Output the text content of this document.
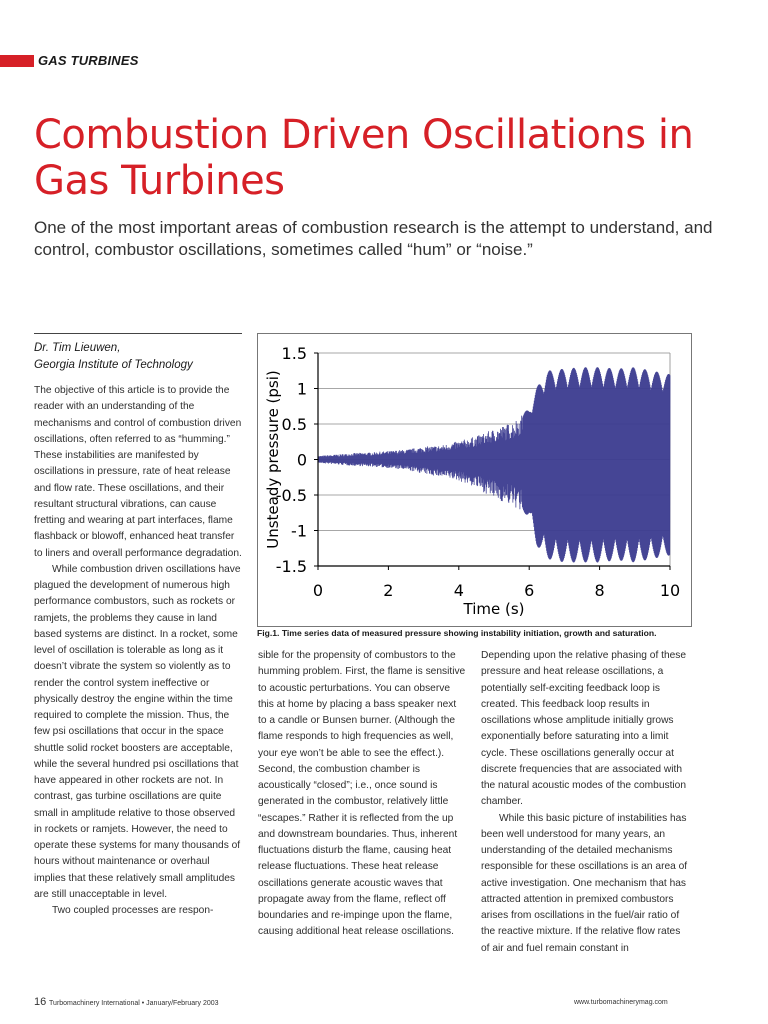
GAS TURBINES
Combustion Driven Oscillations in Gas Turbines
One of the most important areas of combustion research is the attempt to understand, and control, combustor oscillations, sometimes called “hum” or “noise.”
Dr. Tim Lieuwen,
Georgia Institute of Technology

The objective of this article is to provide the reader with an understanding of the mechanisms and control of combustion driven oscillations, often referred to as “humming.” These instabilities are manifested by oscillations in pressure, rate of heat release and flow rate. These oscillations, and their resultant structural vibrations, can cause fretting and wearing at part interfaces, flame flashback or blowoff, enhanced heat transfer to liners and overall performance degradation.

While combustion driven oscillations have plagued the development of numerous high performance combustors, such as rockets or ramjets, the problems they cause in land based systems are distinct. In a rocket, some level of oscillation is tolerable as long as it doesn’t vibrate the system so violently as to render the control system ineffective or physically destroy the engine within the time required to complete the mission. Thus, the few psi oscillations that occur in the space shuttle solid rocket boosters are acceptable, while the several hundred psi oscillations that have appeared in other rockets are not. In contrast, gas turbine oscillations are quite small in amplitude relative to those observed in rockets or ramjets. However, the need to operate these systems for many thousands of hours without maintenance or overhaul implies that these relatively small amplitudes are still unacceptable in level.

Two coupled processes are respon-

1.5
1
0.5
0
-0.5
-1
-1.5
0	2	4	6	8	10
Time (s)
Unsteady pressure (psi)
Fig.1. Time series data of measured pressure showing instability initiation, growth and saturation.

sible for the propensity of combustors to the humming problem. First, the flame is sensitive to acoustic perturbations. You can observe this at home by placing a bass speaker next to a candle or Bunsen burner. (Although the flame responds to high frequencies as well, your eye won’t be able to see the effect.). Second, the combustion chamber is acoustically “closed”; i.e., once sound is generated in the combustor, relatively little “escapes.” Rather it is reflected from the up and downstream boundaries. Thus, inherent fluctuations disturb the flame, causing heat release fluctuations. These heat release oscillations generate acoustic waves that propagate away from the flame, reflect off boundaries and re-impinge upon the flame, causing additional heat release oscillations.

Depending upon the relative phasing of these pressure and heat release oscillations, a potentially self-exciting feedback loop is created. This feedback loop results in oscillations whose amplitude initially grows exponentially before saturating into a limit cycle. These oscillations generally occur at discrete frequencies that are associated with the natural acoustic modes of the combustion chamber.

While this basic picture of instabilities has been well understood for many years, an understanding of the detailed mechanisms responsible for these oscillations is an area of active investigation. One mechanism that has attracted attention in premixed combustors arises from oscillations in the fuel/air ratio of the reactive mixture. If the relative flow rates of air and fuel remain constant in

16 Turbomachinery International • January/February 2003	www.turbomachinerymag.com
